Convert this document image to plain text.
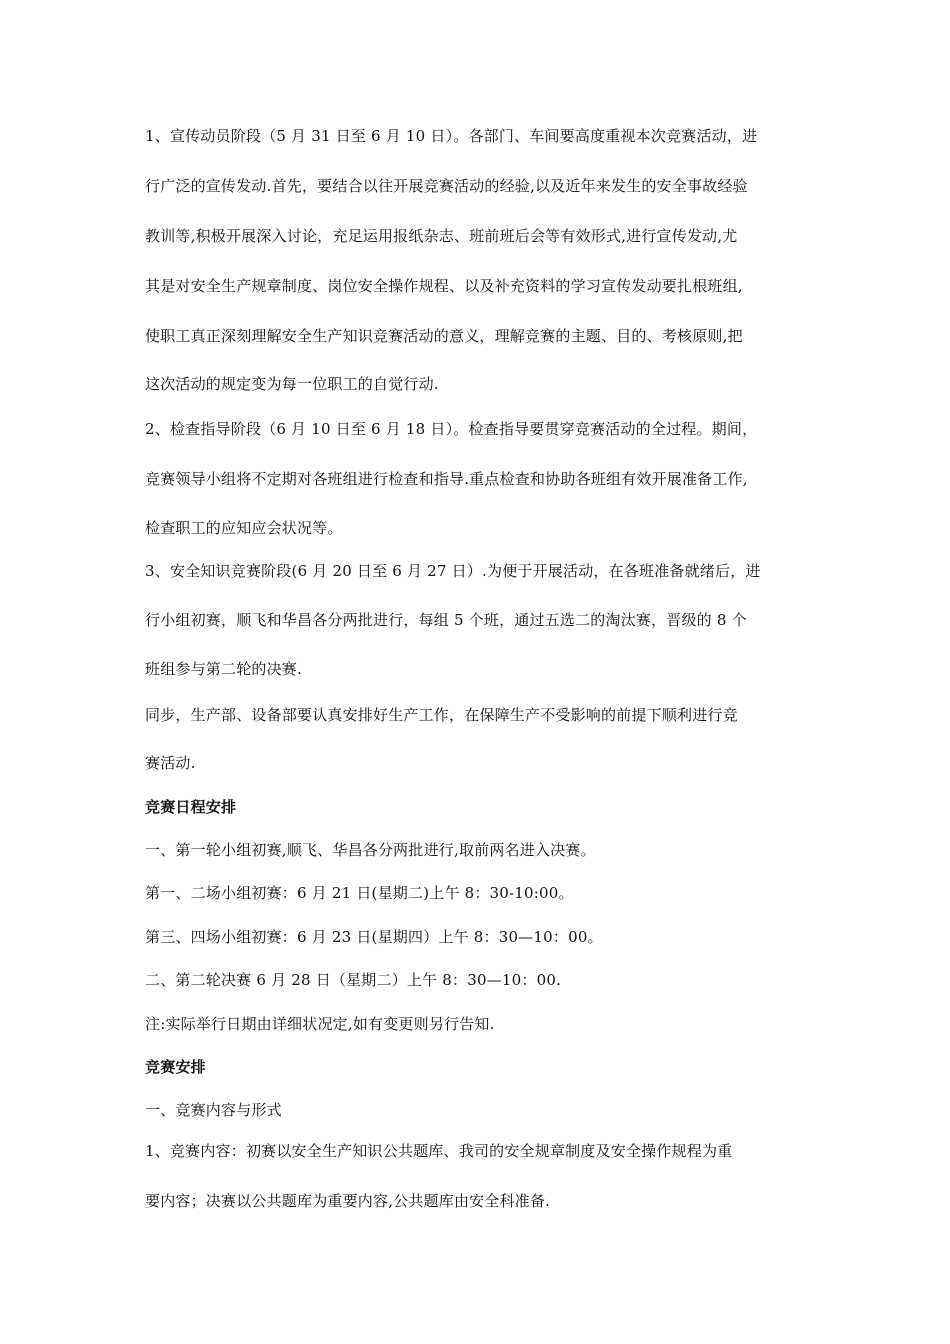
1、宣传动员阶段（5 月 31 日至 6 月 10 日）。各部门、车间要高度重视本次竞赛活动，进
行广泛的宣传发动.首先，要结合以往开展竞赛活动的经验,以及近年来发生的安全事故经验
教训等,积极开展深入讨论，充足运用报纸杂志、班前班后会等有效形式,进行宣传发动,尤
其是对安全生产规章制度、岗位安全操作规程、以及补充资料的学习宣传发动要扎根班组,
使职工真正深刻理解安全生产知识竞赛活动的意义，理解竞赛的主题、目的、考核原则,把
这次活动的规定变为每一位职工的自觉行动.
2、检查指导阶段（6 月 10 日至 6 月 18 日）。检查指导要贯穿竞赛活动的全过程。期间，
竞赛领导小组将不定期对各班组进行检查和指导.重点检查和协助各班组有效开展准备工作,
检查职工的应知应会状况等。
3、安全知识竞赛阶段(6 月 20 日至 6 月 27 日）.为便于开展活动，在各班准备就绪后，进
行小组初赛，顺飞和华昌各分两批进行，每组 5 个班，通过五选二的淘汰赛，晋级的 8 个
班组参与第二轮的决赛.
同步，生产部、设备部要认真安排好生产工作，在保障生产不受影响的前提下顺利进行竞
赛活动.
竞赛日程安排
一、第一轮小组初赛,顺飞、华昌各分两批进行,取前两名进入决赛。
第一、二场小组初赛：6 月 21 日(星期二)上午 8：30-10:00。
第三、四场小组初赛：6 月 23 日(星期四）上午 8：30—10：00。
二、第二轮决赛 6 月 28 日（星期二）上午 8：30—10：00.
注:实际举行日期由详细状况定,如有变更则另行告知.
竞赛安排
一、竞赛内容与形式
1、竞赛内容：初赛以安全生产知识公共题库、我司的安全规章制度及安全操作规程为重
要内容；决赛以公共题库为重要内容,公共题库由安全科准备.
